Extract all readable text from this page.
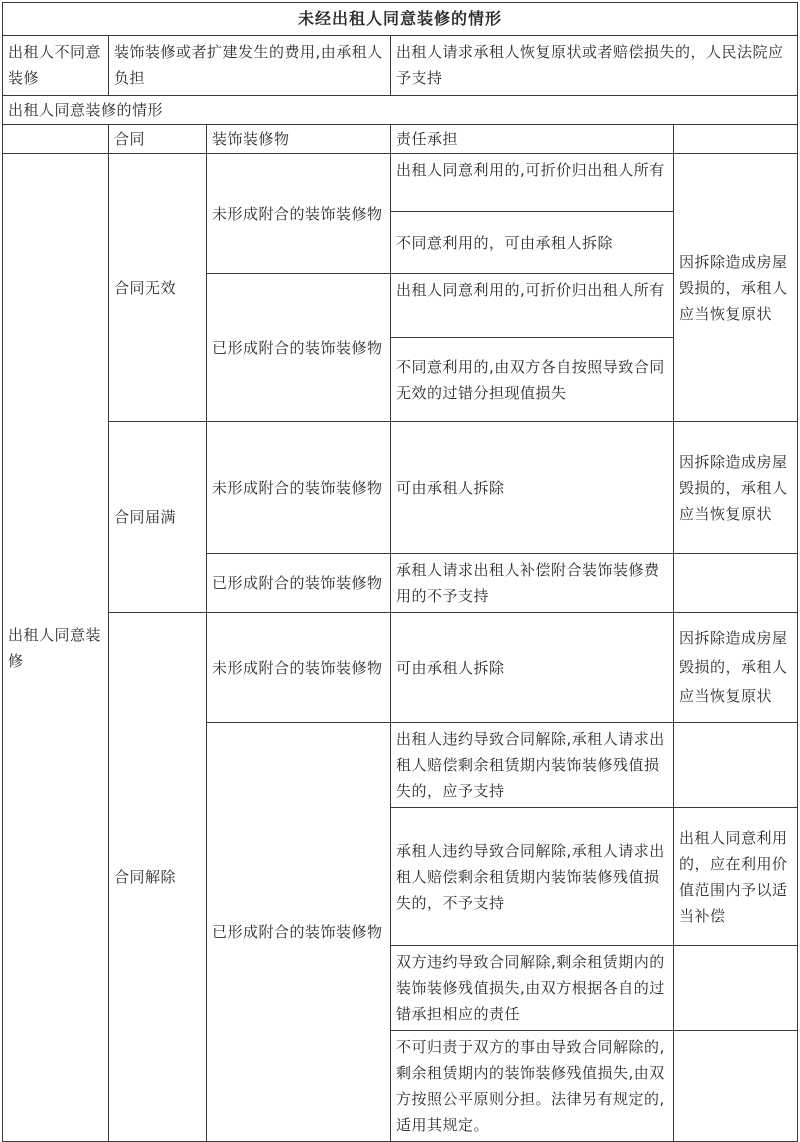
未经出租人同意装修的情形				
出租人不同意装修	装饰装修或者扩建发生的费用,由承租人负担		出租人请求承租人恢复原状或者赔偿损失的，人民法院应予支持	
出租人同意装修的情形				
	合同	装饰装修物	责任承担	
出租人同意装修	合同无效	未形成附合的装饰装修物	出租人同意利用的,可折价归出租人所有	因拆除造成房屋毁损的，承租人应当恢复原状
			不同意利用的，可由承租人拆除	
		已形成附合的装饰装修物	出租人同意利用的,可折价归出租人所有	
			不同意利用的,由双方各自按照导致合同无效的过错分担现值损失	
	合同届满	未形成附合的装饰装修物	可由承租人拆除	因拆除造成房屋毁损的，承租人应当恢复原状
		已形成附合的装饰装修物	承租人请求出租人补偿附合装饰装修费用的不予支持	
	合同解除	未形成附合的装饰装修物	可由承租人拆除	因拆除造成房屋毁损的，承租人应当恢复原状
		已形成附合的装饰装修物	出租人违约导致合同解除,承租人请求出租人赔偿剩余租赁期内装饰装修残值损失的，应予支持	
			承租人违约导致合同解除,承租人请求出租人赔偿剩余租赁期内装饰装修残值损失的，不予支持	出租人同意利用的，应在利用价值范围内予以适当补偿
			双方违约导致合同解除,剩余租赁期内的装饰装修残值损失,由双方根据各自的过错承担相应的责任	
			不可归责于双方的事由导致合同解除的,剩余租赁期内的装饰装修残值损失,由双方按照公平原则分担。法律另有规定的,适用其规定。	
